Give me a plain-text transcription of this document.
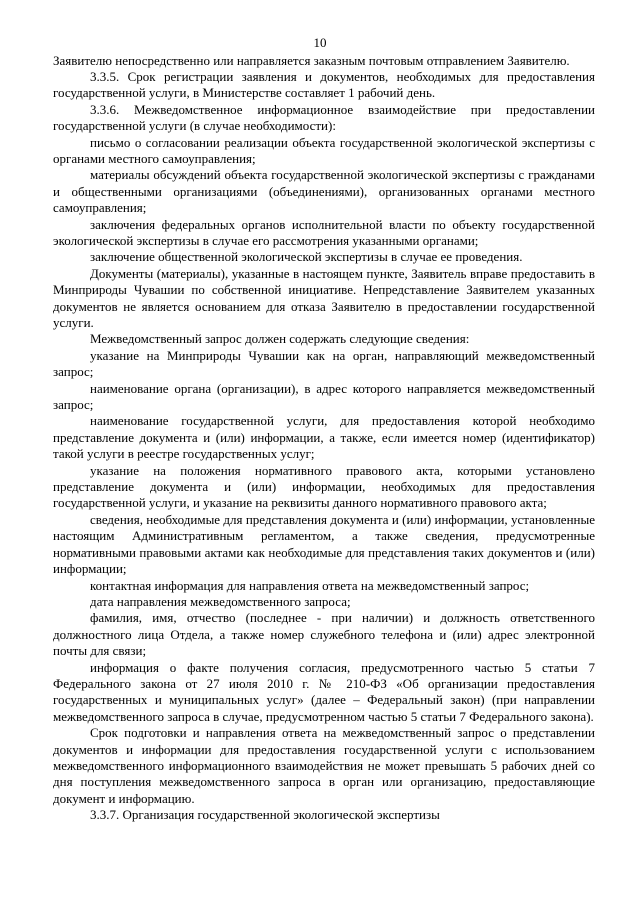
10

Заявителю непосредственно или направляется заказным почтовым отправлением Заявителю.

3.3.5. Срок регистрации заявления и документов, необходимых для предоставления государственной услуги, в Министерстве составляет 1 рабочий день.

3.3.6. Межведомственное информационное взаимодействие при предоставлении государственной услуги (в случае необходимости):

письмо о согласовании реализации объекта государственной экологической экспертизы с органами местного самоуправления;

материалы обсуждений объекта государственной экологической экспертизы с гражданами и общественными организациями (объединениями), организованных органами местного самоуправления;

заключения федеральных органов исполнительной власти по объекту государственной экологической экспертизы в случае его рассмотрения указанными органами;

заключение общественной экологической экспертизы в случае ее проведения.

Документы (материалы), указанные в настоящем пункте, Заявитель вправе предоставить в Минприроды Чувашии по собственной инициативе. Непредставление Заявителем указанных документов не является основанием для отказа Заявителю в предоставлении государственной услуги.

Межведомственный запрос должен содержать следующие сведения:

указание на Минприроды Чувашии как на орган, направляющий межведомственный запрос;

наименование органа (организации), в адрес которого направляется межведомственный запрос;

наименование государственной услуги, для предоставления которой необходимо представление документа и (или) информации, а также, если имеется номер (идентификатор) такой услуги в реестре государственных услуг;

указание на положения нормативного правового акта, которыми установлено представление документа и (или) информации, необходимых для предоставления государственной услуги, и указание на реквизиты данного нормативного правового акта;

сведения, необходимые для представления документа и (или) информации, установленные настоящим Административным регламентом, а также сведения, предусмотренные нормативными правовыми актами как необходимые для представления таких документов и (или) информации;

контактная информация для направления ответа на межведомственный запрос;

дата направления межведомственного запроса;

фамилия, имя, отчество (последнее - при наличии) и должность ответственного должностного лица Отдела, а также номер служебного телефона и (или) адрес электронной почты для связи;

информация о факте получения согласия, предусмотренного частью 5 статьи 7 Федерального закона от 27 июля 2010 г. № 210-ФЗ «Об организации предоставления государственных и муниципальных услуг» (далее – Федеральный закон) (при направлении межведомственного запроса в случае, предусмотренном частью 5 статьи 7 Федерального закона).

Срок подготовки и направления ответа на межведомственный запрос о представлении документов и информации для предоставления государственной услуги с использованием межведомственного информационного взаимодействия не может превышать 5 рабочих дней со дня поступления межведомственного запроса в орган или организацию, предоставляющие документ и информацию.

3.3.7. Организация государственной экологической экспертизы
